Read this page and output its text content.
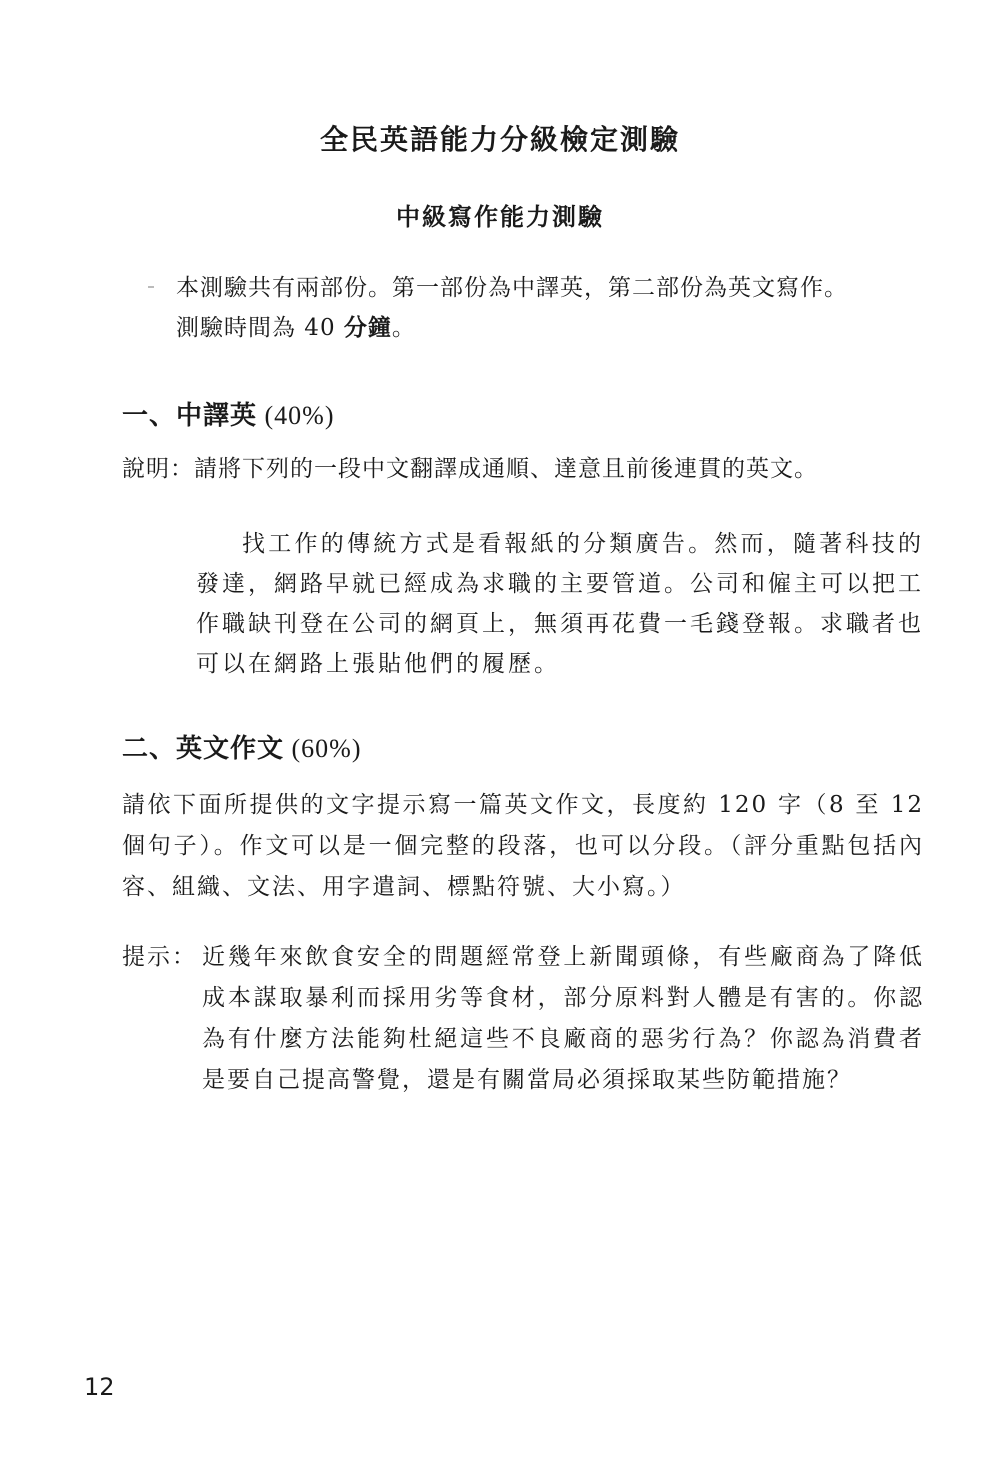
全民英語能力分級檢定測驗
中級寫作能力測驗
本測驗共有兩部份。第一部份為中譯英，第二部份為英文寫作。
測驗時間為 40 分鐘。
一、中譯英 (40%)
說明：請將下列的一段中文翻譯成通順、達意且前後連貫的英文。
找工作的傳統方式是看報紙的分類廣告。然而，隨著科技的發達，網路早就已經成為求職的主要管道。公司和僱主可以把工作職缺刊登在公司的網頁上，無須再花費一毛錢登報。求職者也可以在網路上張貼他們的履歷。
二、英文作文 (60%)
請依下面所提供的文字提示寫一篇英文作文，長度約 120 字（8 至 12 個句子）。作文可以是一個完整的段落，也可以分段。（評分重點包括內容、組織、文法、用字遣詞、標點符號、大小寫。）
提示： 近幾年來飲食安全的問題經常登上新聞頭條，有些廠商為了降低成本謀取暴利而採用劣等食材，部分原料對人體是有害的。你認為有什麼方法能夠杜絕這些不良廠商的惡劣行為？你認為消費者是要自己提高警覺，還是有關當局必須採取某些防範措施？
12
